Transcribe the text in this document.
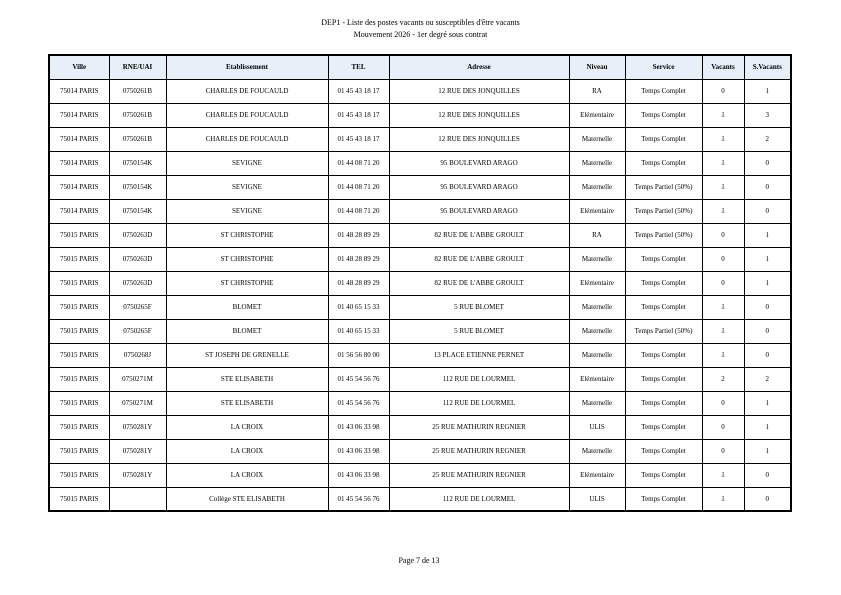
DEP1 - Liste des postes vacants ou susceptibles d'être vacants
Mouvement 2026 - 1er degré sous contrat
Ville	RNE/UAI	Etablissement	TEL	Adresse	Niveau	Service	Vacants	S.Vacants
75014 PARIS	0750261B	CHARLES DE FOUCAULD	01 45 43 18 17	12 RUE DES JONQUILLES	RA	Temps Complet	0	1
75014 PARIS	0750261B	CHARLES DE FOUCAULD	01 45 43 18 17	12 RUE DES JONQUILLES	Elémentaire	Temps Complet	1	3
75014 PARIS	0750261B	CHARLES DE FOUCAULD	01 45 43 18 17	12 RUE DES JONQUILLES	Maternelle	Temps Complet	1	2
75014 PARIS	0750154K	SEVIGNE	01 44 08 71 20	95 BOULEVARD ARAGO	Maternelle	Temps Complet	1	0
75014 PARIS	0750154K	SEVIGNE	01 44 08 71 20	95 BOULEVARD ARAGO	Maternelle	Temps Partiel (50%)	1	0
75014 PARIS	0750154K	SEVIGNE	01 44 08 71 20	95 BOULEVARD ARAGO	Elémentaire	Temps Partiel (50%)	1	0
75015 PARIS	0750263D	ST CHRISTOPHE	01 48 28 89 29	82 RUE DE L'ABBE GROULT	RA	Temps Partiel (50%)	0	1
75015 PARIS	0750263D	ST CHRISTOPHE	01 48 28 89 29	82 RUE DE L'ABBE GROULT	Maternelle	Temps Complet	0	1
75015 PARIS	0750263D	ST CHRISTOPHE	01 48 28 89 29	82 RUE DE L'ABBE GROULT	Elémentaire	Temps Complet	0	1
75015 PARIS	0750265F	BLOMET	01 40 65 15 33	5 RUE BLOMET	Maternelle	Temps Complet	1	0
75015 PARIS	0750265F	BLOMET	01 40 65 15 33	5 RUE BLOMET	Maternelle	Temps Partiel (50%)	1	0
75015 PARIS	0750268J	ST JOSEPH DE GRENELLE	01 56 56 80 00	13 PLACE ETIENNE PERNET	Maternelle	Temps Complet	1	0
75015 PARIS	0750271M	STE ELISABETH	01 45 54 56 76	112 RUE DE LOURMEL	Elémentaire	Temps Complet	2	2
75015 PARIS	0750271M	STE ELISABETH	01 45 54 56 76	112 RUE DE LOURMEL	Maternelle	Temps Complet	0	1
75015 PARIS	0750281Y	LA CROIX	01 43 06 33 98	25 RUE MATHURIN REGNIER	ULIS	Temps Complet	0	1
75015 PARIS	0750281Y	LA CROIX	01 43 06 33 98	25 RUE MATHURIN REGNIER	Maternelle	Temps Complet	0	1
75015 PARIS	0750281Y	LA CROIX	01 43 06 33 98	25 RUE MATHURIN REGNIER	Elémentaire	Temps Complet	1	0
75015 PARIS		Collège STE ELISABETH	01 45 54 56 76	112 RUE DE LOURMEL	ULIS	Temps Complet	1	0
Page 7 de 13
